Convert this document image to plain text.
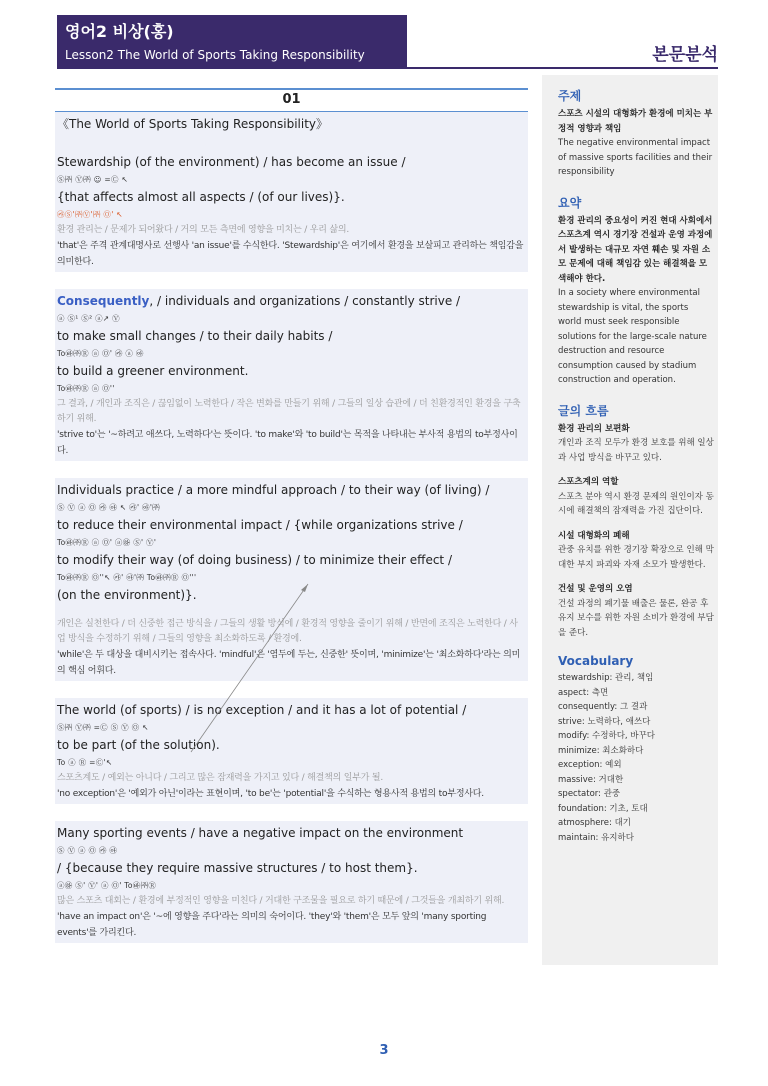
영어2 비상(홍)
Lesson2 The World of Sports Taking Responsibility	본문분석
01
《The World of Sports Taking Responsibility》
Stewardship (of the environment) / has become an issue /
Ⓢ㈜ Ⓥ㈜ ☺ =Ⓒ ↖
{that affects almost all aspects / (of our lives)}.
㉸Ⓢ'㈜Ⓥ'㈜ Ⓞ' ↖
환경 관리는 / 문제가 되어왔다 / 거의 모든 측면에 영향을 미치는 / 우리 삶의.
'that'은 주격 관계대명사로 선행사 'an issue'를 수식한다. 'Stewardship'은 여기에서 환경을 보살피고 관리하는 책임감을 의미한다.
Consequently, / individuals and organizations / constantly strive /
ⓐ Ⓢ¹ Ⓢ² ⓐ↗ Ⓥ
to make small changes / to their daily habits /
To㉳㈜Ⓡ ⓐ Ⓞ' ㉸ ⓐ ㉵
to build a greener environment.
To㉳㈜Ⓡ ⓐ Ⓞ''
그 결과, / 개인과 조직은 / 끊임없이 노력한다 / 작은 변화를 만들기 위해 / 그들의 일상 습관에 / 더 친환경적인 환경을 구축하기 위해.
'strive to'는 '~하려고 애쓰다, 노력하다'는 뜻이다. 'to make'와 'to build'는 목적을 나타내는 부사적 용법의 to부정사이다.
Individuals practice / a more mindful approach / to their way (of living) /
Ⓢ Ⓥ ⓐ Ⓞ ㉸ ㉵ ↖ ㉸' ㉵'㈜
to reduce their environmental impact / {while organizations strive /
To㉳㈜Ⓡ ⓐ Ⓞ' ⓐ㉻ Ⓢ' Ⓥ'
to modify their way (of doing business) / to minimize their effect /
To㉳㈜Ⓡ Ⓞ''↖ ㉸' ㉵'㈜ To㉳㈜Ⓡ Ⓞ'''
(on the environment)}.
개인은 실천한다 / 더 신중한 접근 방식을 / 그들의 생활 방식에 / 환경적 영향을 줄이기 위해 / 반면에 조직은 노력한다 / 사업 방식을 수정하기 위해 / 그들의 영향을 최소화하도록 / 환경에.
'while'은 두 대상을 대비시키는 접속사다. 'mindful'은 '염두에 두는, 신중한' 뜻이며, 'minimize'는 '최소화하다'라는 의미의 핵심 어휘다.
The world (of sports) / is no exception / and it has a lot of potential /
Ⓢ㈜ Ⓥ㈜ =Ⓒ Ⓢ Ⓥ Ⓞ ↖
to be part (of the solution).
To ⓐ Ⓡ =Ⓒ'↖
스포츠계도 / 예외는 아니다 / 그리고 많은 잠재력을 가지고 있다 / 해결책의 일부가 될.
'no exception'은 '예외가 아닌'이라는 표현이며, 'to be'는 'potential'을 수식하는 형용사적 용법의 to부정사다.
Many sporting events / have a negative impact on the environment
Ⓢ Ⓥ ⓐ Ⓞ ㉸ ㉵
/ {because they require massive structures / to host them}.
ⓐ㉻ Ⓢ' Ⓥ' ⓐ Ⓞ' To㉳㈜Ⓡ
많은 스포츠 대회는 / 환경에 부정적인 영향을 미친다 / 거대한 구조물을 필요로 하기 때문에 / 그것들을 개최하기 위해.
'have an impact on'은 '~에 영향을 주다'라는 의미의 숙어이다. 'they'와 'them'은 모두 앞의 'many sporting events'를 가리킨다.
주제
스포츠 시설의 대형화가 환경에 미치는 부정적 영향과 책임
The negative environmental impact of massive sports facilities and their responsibility
요약
환경 관리의 중요성이 커진 현대 사회에서 스포츠계 역시 경기장 건설과 운영 과정에서 발생하는 대규모 자연 훼손 및 자원 소모 문제에 대해 책임감 있는 해결책을 모색해야 한다.
In a society where environmental stewardship is vital, the sports world must seek responsible solutions for the large-scale nature destruction and resource consumption caused by stadium construction and operation.
글의 흐름
환경 관리의 보편화
개인과 조직 모두가 환경 보호를 위해 일상과 사업 방식을 바꾸고 있다.
스포츠계의 역할
스포츠 분야 역시 환경 문제의 원인이자 동시에 해결책의 잠재력을 가진 집단이다.
시설 대형화의 폐해
관중 유치를 위한 경기장 확장으로 인해 막대한 부지 파괴와 자재 소모가 발생한다.
건설 및 운영의 오염
건설 과정의 폐기물 배출은 물론, 완공 후 유지 보수를 위한 자원 소비가 환경에 부담을 준다.
Vocabulary
stewardship: 관리, 책임
aspect: 측면
consequently: 그 결과
strive: 노력하다, 애쓰다
modify: 수정하다, 바꾸다
minimize: 최소화하다
exception: 예외
massive: 거대한
spectator: 관중
foundation: 기초, 토대
atmosphere: 대기
maintain: 유지하다
3
